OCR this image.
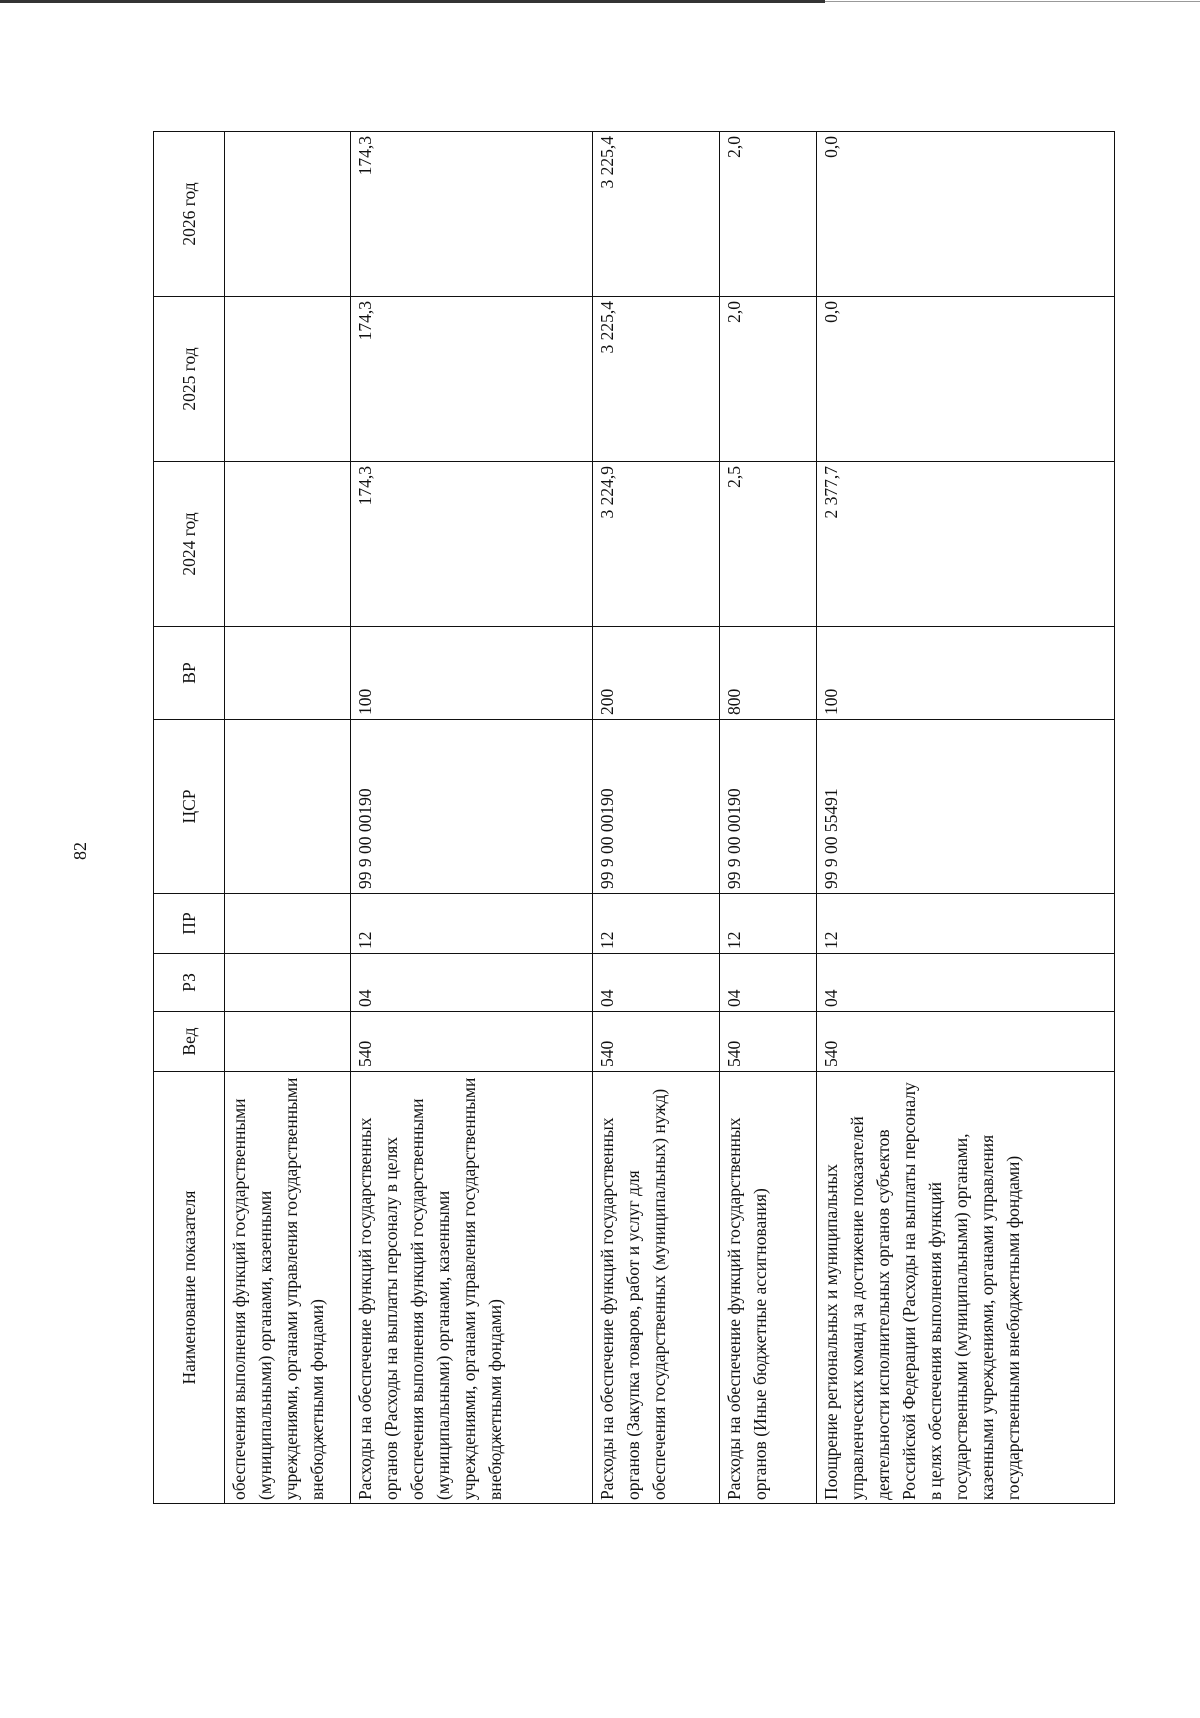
82
Наименование показателя	Вед	РЗ	ПР	ЦСР	ВР	2024 год	2025 год	2026 год
обеспечения выполнения функций государственными (муниципальными) органами, казенными учреждениями, органами управления государственными внебюджетными фондами)								
Расходы на обеспечение функций государственных органов (Расходы на выплаты персоналу в целях обеспечения выполнения функций государственными (муниципальными) органами, казенными учреждениями, органами управления государственными внебюджетными фондами)	540	04	12	99 9 00 00190	100	174,3	174,3	174,3
Расходы на обеспечение функций государственных органов (Закупка товаров, работ и услуг для обеспечения государственных (муниципальных) нужд)	540	04	12	99 9 00 00190	200	3 224,9	3 225,4	3 225,4
Расходы на обеспечение функций государственных органов (Иные бюджетные ассигнования)	540	04	12	99 9 00 00190	800	2,5	2,0	2,0
Поощрение региональных и муниципальных управленческих команд за достижение показателей деятельности исполнительных органов субъектов Российской Федерации (Расходы на выплаты персоналу в целях обеспечения выполнения функций государственными (муниципальными) органами, казенными учреждениями, органами управления государственными внебюджетными фондами)	540	04	12	99 9 00 55491	100	2 377,7	0,0	0,0
